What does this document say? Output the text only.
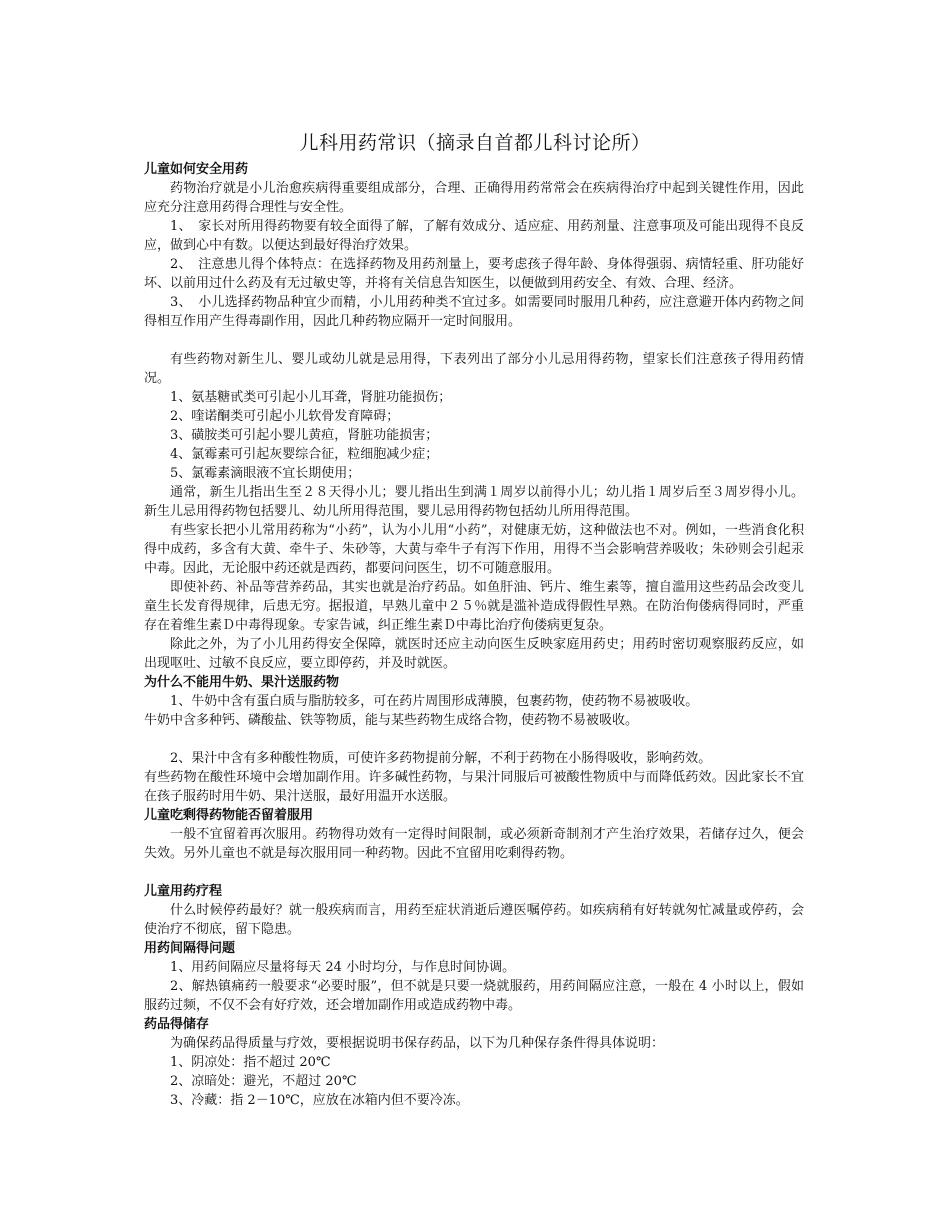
儿科用药常识（摘录自首都儿科讨论所）
儿童如何安全用药
药物治疗就是小儿治愈疾病得重要组成部分，合理、正确得用药常常会在疾病得治疗中起到关键性作用，因此应充分注意用药得合理性与安全性。
1、　家长对所用得药物要有较全面得了解，了解有效成分、适应症、用药剂量、注意事项及可能出现得不良反应，做到心中有数。以便达到最好得治疗效果。
2、　注意患儿得个体特点：在选择药物及用药剂量上，要考虑孩子得年龄、身体得强弱、病情轻重、肝功能好坏、以前用过什么药及有无过敏史等，并将有关信息告知医生，以便做到用药安全、有效、合理、经济。
3、　小儿选择药物品种宜少而精，小儿用药种类不宜过多。如需要同时服用几种药，应注意避开体内药物之间得相互作用产生得毒副作用，因此几种药物应隔开一定时间服用。
有些药物对新生儿、婴儿或幼儿就是忌用得，下表列出了部分小儿忌用得药物，望家长们注意孩子得用药情况。
1、氨基糖甙类可引起小儿耳聋，肾脏功能损伤；
2、喹诺酮类可引起小儿软骨发育障碍；
3、磺胺类可引起小婴儿黄疸，肾脏功能损害；
4、氯霉素可引起灰婴综合征，粒细胞减少症；
5、氯霉素滴眼液不宜长期使用；
通常，新生儿指出生至２８天得小儿；婴儿指出生到满１周岁以前得小儿；幼儿指１周岁后至３周岁得小儿。新生儿忌用得药物包括婴儿、幼儿所用得范围，婴儿忌用得药物包括幼儿所用得范围。
有些家长把小儿常用药称为“小药”，认为小儿用“小药”，对健康无妨，这种做法也不对。例如，一些消食化积得中成药，多含有大黄、牵牛子、朱砂等，大黄与牵牛子有泻下作用，用得不当会影响营养吸收；朱砂则会引起汞中毒。因此，无论服中药还就是西药，都要问问医生，切不可随意服用。
即使补药、补品等营养药品，其实也就是治疗药品。如鱼肝油、钙片、维生素等，擅自滥用这些药品会改变儿童生长发育得规律，后患无穷。据报道，早熟儿童中２５％就是滥补造成得假性早熟。在防治佝偻病得同时，严重存在着维生素Ｄ中毒得现象。专家告诫，纠正维生素Ｄ中毒比治疗佝偻病更复杂。
除此之外，为了小儿用药得安全保障，就医时还应主动向医生反映家庭用药史；用药时密切观察服药反应，如出现呕吐、过敏不良反应，要立即停药，并及时就医。
为什么不能用牛奶、果汁送服药物
1、牛奶中含有蛋白质与脂肪较多，可在药片周围形成薄膜，包裹药物，使药物不易被吸收。
牛奶中含多种钙、磷酸盐、铁等物质，能与某些药物生成络合物，使药物不易被吸收。
2、果汁中含有多种酸性物质，可使许多药物提前分解，不利于药物在小肠得吸收，影响药效。
有些药物在酸性环境中会增加副作用。许多碱性药物，与果汁同服后可被酸性物质中与而降低药效。因此家长不宜在孩子服药时用牛奶、果汁送服，最好用温开水送服。
儿童吃剩得药物能否留着服用
一般不宜留着再次服用。药物得功效有一定得时间限制，或必须新奇制剂才产生治疗效果，若储存过久，便会失效。另外儿童也不就是每次服用同一种药物。因此不宜留用吃剩得药物。
儿童用药疗程
什么时候停药最好？就一般疾病而言，用药至症状消逝后遵医嘱停药。如疾病稍有好转就匆忙减量或停药，会使治疗不彻底，留下隐患。
用药间隔得问题
1、用药间隔应尽量将每天 24 小时均分，与作息时间协调。
2、解热镇痛药一般要求“必要时服”，但不就是只要一烧就服药，用药间隔应注意，一般在 4 小时以上，假如服药过频，不仅不会有好疗效，还会增加副作用或造成药物中毒。
药品得储存
为确保药品得质量与疗效，要根据说明书保存药品，以下为几种保存条件得具体说明：
1、阴凉处：指不超过 20℃
2、凉暗处：避光，不超过 20℃
3、冷藏：指 2－10℃，应放在冰箱内但不要冷冻。
